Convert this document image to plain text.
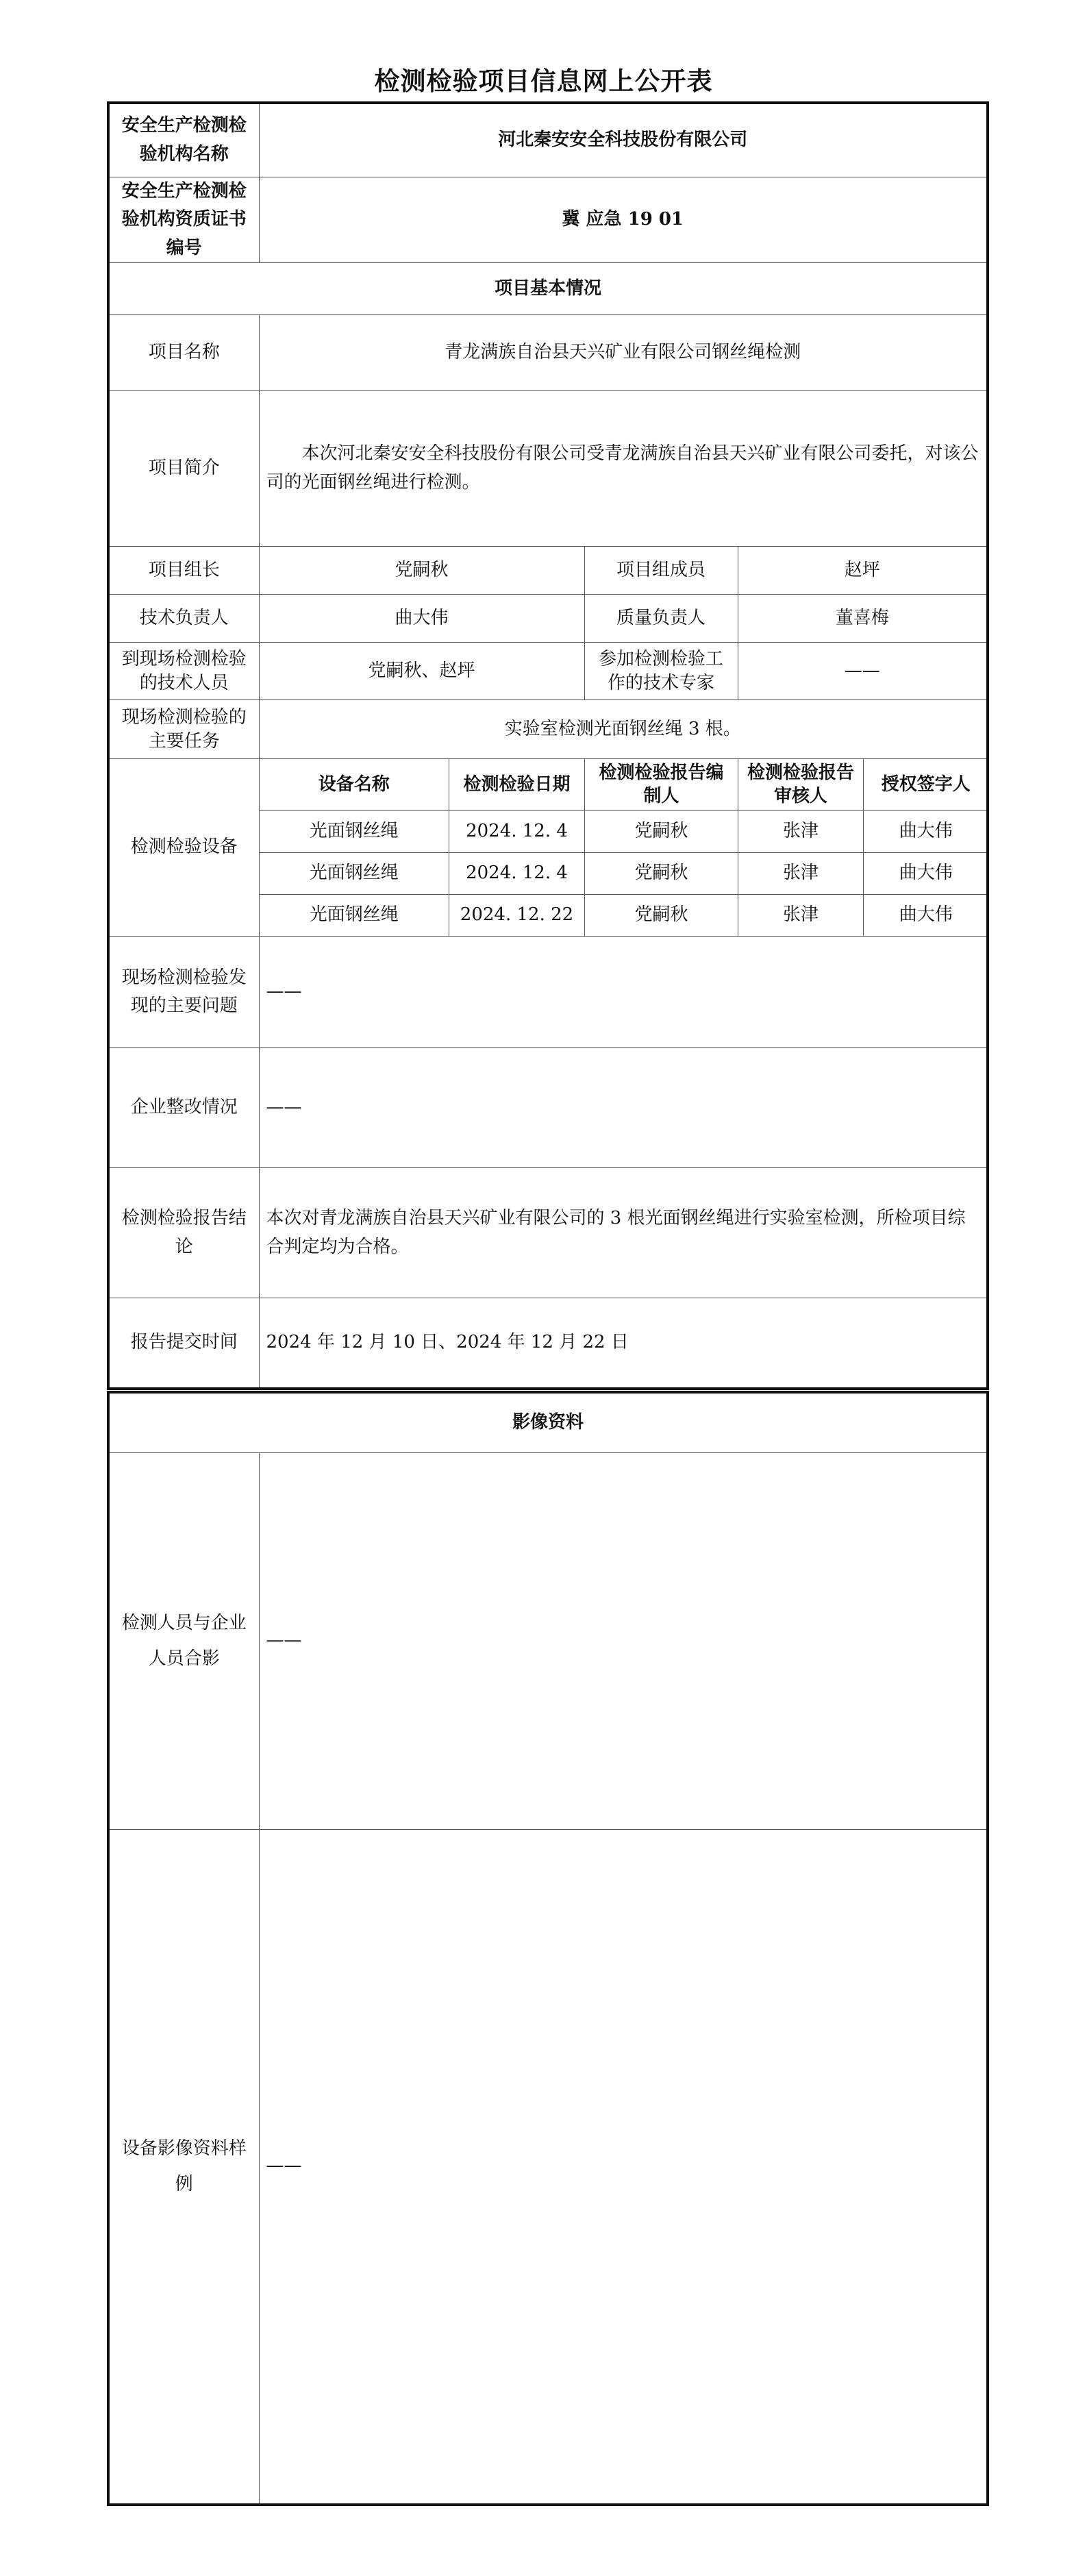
检测检验项目信息网上公开表
安全生产检测检验机构名称	河北秦安安全科技股份有限公司
安全生产检测检验机构资质证书编号	冀 应急 19 01
项目基本情况
项目名称	青龙满族自治县天兴矿业有限公司钢丝绳检测
项目简介	本次河北秦安安全科技股份有限公司受青龙满族自治县天兴矿业有限公司委托，对该公司的光面钢丝绳进行检测。
项目组长	党嗣秋	项目组成员	赵坪
技术负责人	曲大伟	质量负责人	董喜梅
到现场检测检验的技术人员	党嗣秋、赵坪	参加检测检验工作的技术专家	——
现场检测检验的主要任务	实验室检测光面钢丝绳 3 根。
检测检验设备	
设备名称	检测检验日期	检测检验报告编制人	检测检验报告审核人	授权签字人
光面钢丝绳	2024. 12. 4	党嗣秋	张津	曲大伟
光面钢丝绳	2024. 12. 4	党嗣秋	张津	曲大伟
光面钢丝绳	2024. 12. 22	党嗣秋	张津	曲大伟

现场检测检验发现的主要问题	——
企业整改情况	——
检测检验报告结论	本次对青龙满族自治县天兴矿业有限公司的 3 根光面钢丝绳进行实验室检测，所检项目综合判定均为合格。
报告提交时间	2024 年 12 月 10 日、2024 年 12 月 22 日
影像资料	
检测人员与企业人员合影	——
设备影像资料样例	——
